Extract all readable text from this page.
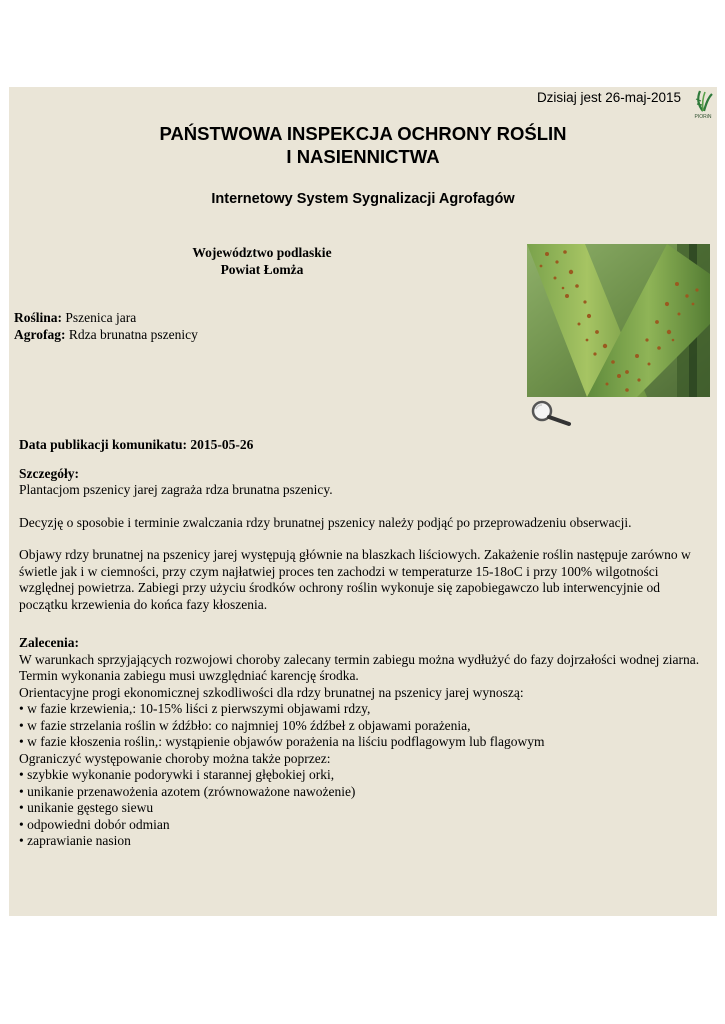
Dzisiaj jest 26-maj-2015
PIORiN
PAŃSTWOWA INSPEKCJA OCHRONY ROŚLIN
I NASIENNICTWA
Internetowy System Sygnalizacji Agrofagów
Województwo podlaskie
Powiat Łomża
Roślina: Pszenica jara
Agrofag: Rdza brunatna pszenicy

Data publikacji komunikatu: 2015-05-26

Szczegóły:

Plantacjom pszenicy jarej zagraża rdza brunatna pszenicy.

Decyzję o sposobie i terminie zwalczania rdzy brunatnej pszenicy należy podjąć po przeprowadzeniu obserwacji.

Objawy rdzy brunatnej na pszenicy jarej występują głównie na blaszkach liściowych. Zakażenie roślin następuje zarówno w świetle jak i w ciemności, przy czym najłatwiej proces ten zachodzi w temperaturze 15-18oC i przy 100% wilgotności względnej powietrza. Zabiegi przy użyciu środków ochrony roślin wykonuje się zapobiegawczo lub interwencyjnie od początku krzewienia do końca fazy kłoszenia.

Zalecenia:

W warunkach sprzyjających rozwojowi choroby zalecany termin zabiegu można wydłużyć do fazy dojrzałości wodnej ziarna. Termin wykonania zabiegu musi uwzględniać karencję środka.

Orientacyjne progi ekonomicznej szkodliwości dla rdzy brunatnej na pszenicy jarej wynoszą:

• w fazie krzewienia,: 10-15% liści z pierwszymi objawami rdzy,

• w fazie strzelania roślin w źdźbło: co najmniej 10% źdźbeł z objawami porażenia,

• w fazie kłoszenia roślin,: wystąpienie objawów porażenia na liściu podflagowym lub flagowym

Ograniczyć występowanie choroby można także poprzez:

• szybkie wykonanie podorywki i starannej głębokiej orki,

• unikanie przenawożenia azotem (zrównoważone nawożenie)

• unikanie gęstego siewu

• odpowiedni dobór odmian

• zaprawianie nasion
